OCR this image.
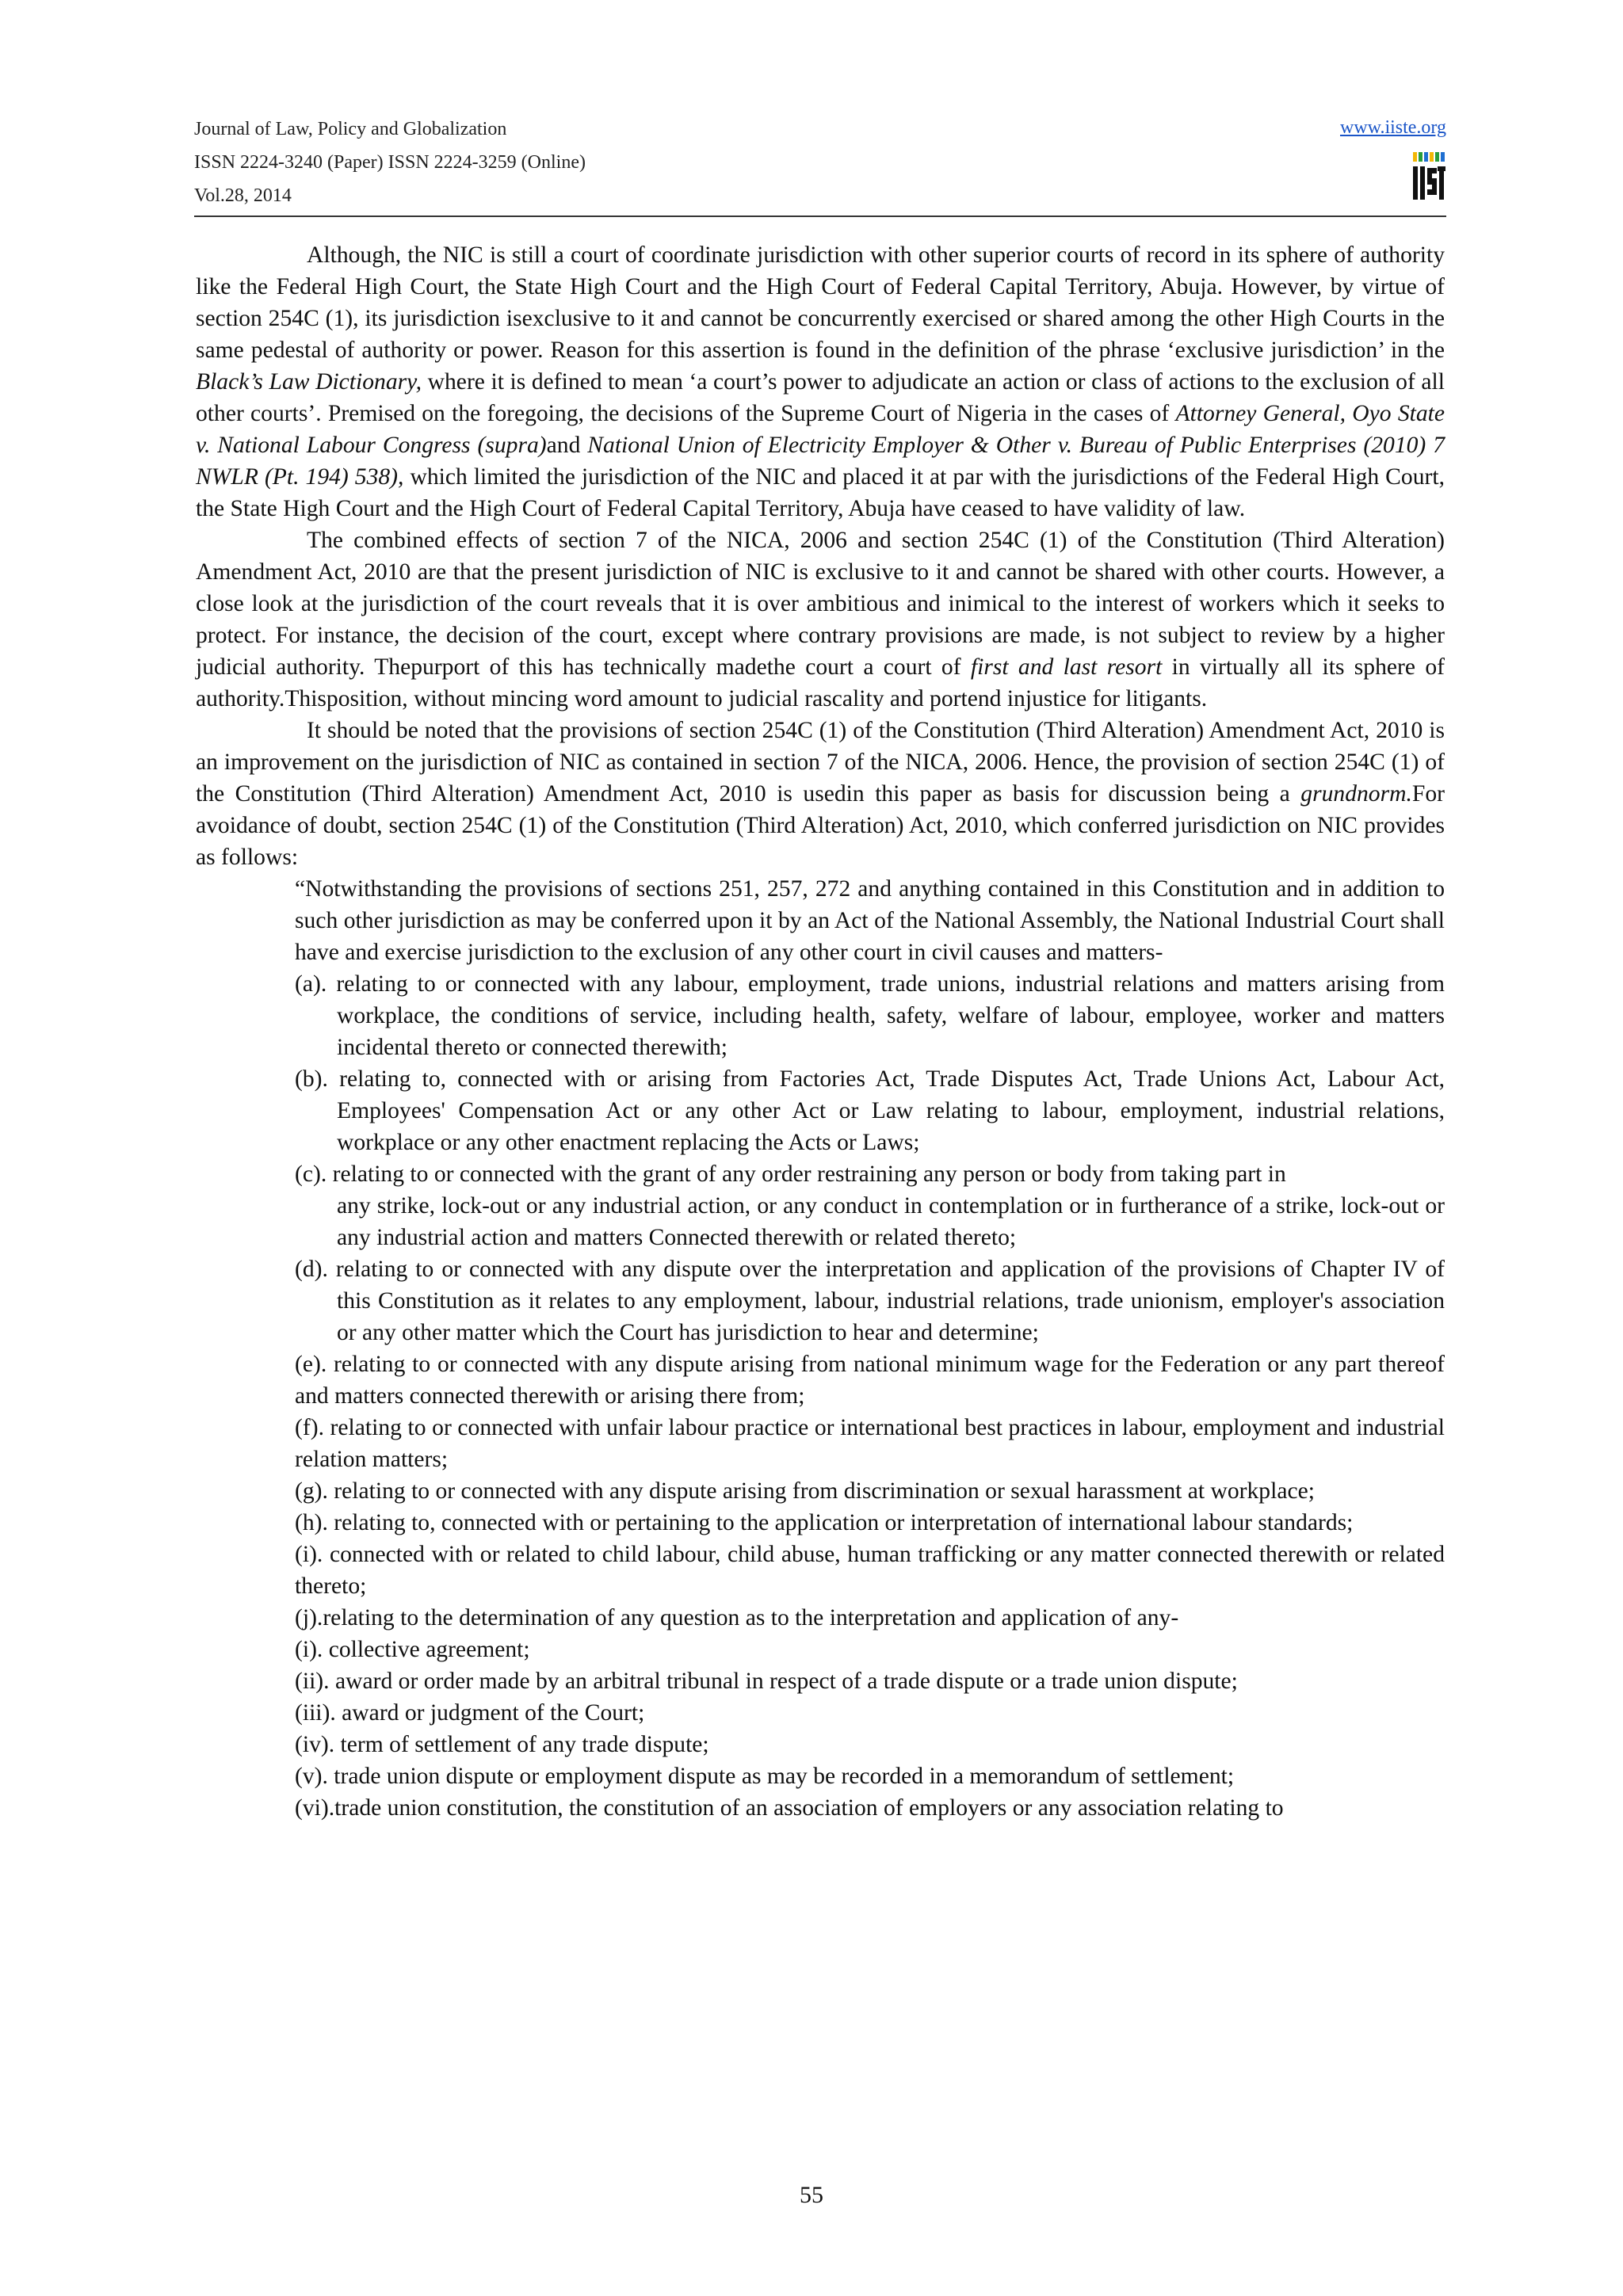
Journal of Law, Policy and Globalization
ISSN 2224-3240 (Paper) ISSN 2224-3259 (Online)
Vol.28, 2014
www.iiste.org

Although, the NIC is still a court of coordinate jurisdiction with other superior courts of record in its sphere of authority like the Federal High Court, the State High Court and the High Court of Federal Capital Territory, Abuja. However, by virtue of section 254C (1), its jurisdiction isexclusive to it and cannot be concurrently exercised or shared among the other High Courts in the same pedestal of authority or power. Reason for this assertion is found in the definition of the phrase ‘exclusive jurisdiction’ in the Black’s Law Dictionary, where it is defined to mean ‘a court’s power to adjudicate an action or class of actions to the exclusion of all other courts’. Premised on the foregoing, the decisions of the Supreme Court of Nigeria in the cases of Attorney General, Oyo State v. National Labour Congress (supra)and National Union of Electricity Employer & Other v. Bureau of Public Enterprises (2010) 7 NWLR (Pt. 194) 538), which limited the jurisdiction of the NIC and placed it at par with the jurisdictions of the Federal High Court, the State High Court and the High Court of Federal Capital Territory, Abuja have ceased to have validity of law.

The combined effects of section 7 of the NICA, 2006 and section 254C (1) of the Constitution (Third Alteration) Amendment Act, 2010 are that the present jurisdiction of NIC is exclusive to it and cannot be shared with other courts. However, a close look at the jurisdiction of the court reveals that it is over ambitious and inimical to the interest of workers which it seeks to protect. For instance, the decision of the court, except where contrary provisions are made, is not subject to review by a higher judicial authority. Thepurport of this has technically madethe court a court of first and last resort in virtually all its sphere of authority.Thisposition, without mincing word amount to judicial rascality and portend injustice for litigants.

It should be noted that the provisions of section 254C (1) of the Constitution (Third Alteration) Amendment Act, 2010 is an improvement on the jurisdiction of NIC as contained in section 7 of the NICA, 2006. Hence, the provision of section 254C (1) of the Constitution (Third Alteration) Amendment Act, 2010 is usedin this paper as basis for discussion being a grundnorm.For avoidance of doubt, section 254C (1) of the Constitution (Third Alteration) Act, 2010, which conferred jurisdiction on NIC provides as follows:

“Notwithstanding the provisions of sections 251, 257, 272 and anything contained in this Constitution and in addition to such other jurisdiction as may be conferred upon it by an Act of the National Assembly, the National Industrial Court shall have and exercise jurisdiction to the exclusion of any other court in civil causes and matters-

(a). relating to or connected with any labour, employment, trade unions, industrial relations and matters arising from workplace, the conditions of service, including health, safety, welfare of labour, employee, worker and matters incidental thereto or connected therewith;

(b). relating to, connected with or arising from Factories Act, Trade Disputes Act, Trade Unions Act, Labour Act, Employees' Compensation Act or any other Act or Law relating to labour, employment, industrial relations, workplace or any other enactment replacing the Acts or Laws;

(c). relating to or connected with the grant of any order restraining any person or body from taking part in

any strike, lock-out or any industrial action, or any conduct in contemplation or in furtherance of a strike, lock-out or any industrial action and matters Connected therewith or related thereto;

(d). relating to or connected with any dispute over the interpretation and application of the provisions of Chapter IV of this Constitution as it relates to any employment, labour, industrial relations, trade unionism, employer's association or any other matter which the Court has jurisdiction to hear and determine;

(e). relating to or connected with any dispute arising from national minimum wage for the Federation or any part thereof and matters connected therewith or arising there from;

(f). relating to or connected with unfair labour practice or international best practices in labour, employment and industrial relation matters;

(g). relating to or connected with any dispute arising from discrimination or sexual harassment at workplace;

(h). relating to, connected with or pertaining to the application or interpretation of international labour standards;

(i). connected with or related to child labour, child abuse, human trafficking or any matter connected therewith or related thereto;

(j).relating to the determination of any question as to the interpretation and application of any-

(i). collective agreement;

(ii). award or order made by an arbitral tribunal in respect of a trade dispute or a trade union dispute;

(iii). award or judgment of the Court;

(iv). term of settlement of any trade dispute;

(v). trade union dispute or employment dispute as may be recorded in a memorandum of settlement;

(vi).trade union constitution, the constitution of an association of employers or any association relating to

55
